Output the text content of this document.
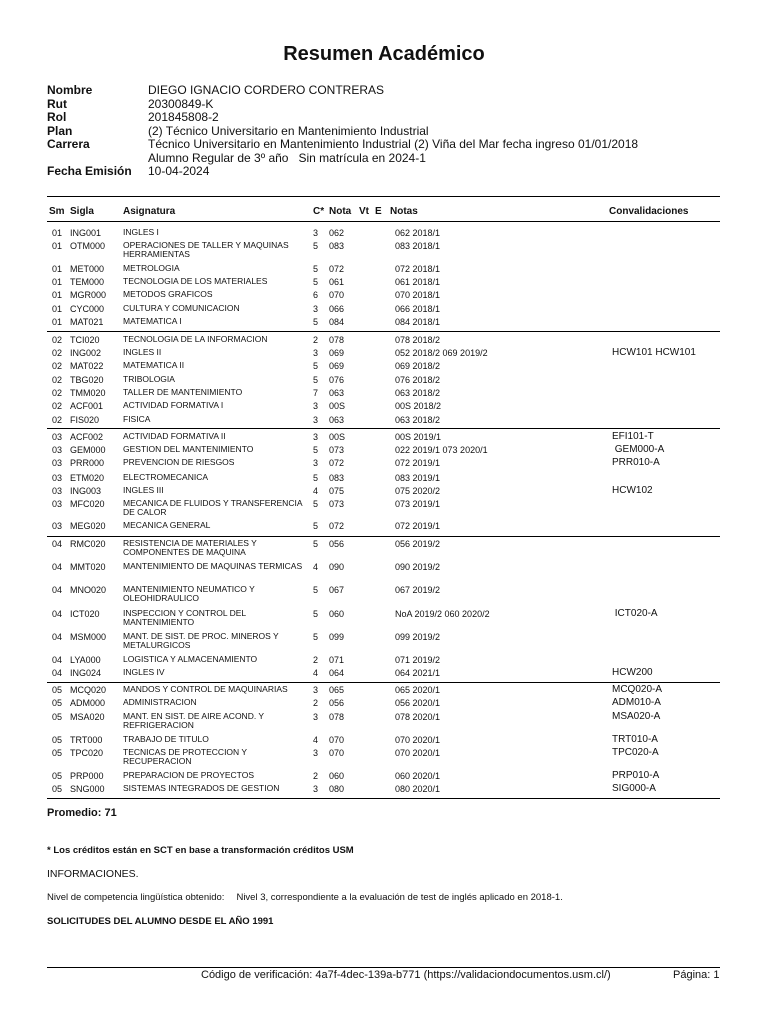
Resumen Académico
Nombre	DIEGO IGNACIO CORDERO CONTRERAS
Rut	20300849-K
Rol	201845808-2
Plan	(2) Técnico Universitario en Mantenimiento Industrial
Carrera	Técnico Universitario en Mantenimiento Industrial (2) Viña del Mar fecha ingreso 01/01/2018
Alumno Regular de 3º año   Sin matrícula en 2024-1
Fecha Emisión 10-04-2024
Sm Sigla	Asignatura	C* Nota Vt E Notas	Convalidaciones
01 ING001	INGLES I	3 062	062 2018/1
01 OTM000 OPERACIONES DE TALLER Y MAQUINAS HERRAMIENTAS
5 083	083 2018/1
01 MET000 METROLOGIA	5 072	072 2018/1
01 TEM000 TECNOLOGIA DE LOS MATERIALES	5 061	061 2018/1
01 MGR000 METODOS GRAFICOS	6 070	070 2018/1
01 CYC000 CULTURA Y COMUNICACION	3 066	066 2018/1
01 MAT021 MATEMATICA I	5 084	084 2018/1
02 TCI020	TECNOLOGIA DE LA INFORMACION	2 078	078 2018/2
02 ING002	INGLES II	3 069	052 2018/2 069 2019/2	HCW101 HCW101
02 MAT022 MATEMATICA II	5 069	069 2018/2
02 TBG020 TRIBOLOGIA	5 076	076 2018/2
02 TMM020 TALLER DE MANTENIMIENTO	7 063	063 2018/2
02 ACF001 ACTIVIDAD FORMATIVA I	3 00S	00S 2018/2
02 FIS020	FISICA	3 063	063 2018/2
03 ACF002 ACTIVIDAD FORMATIVA II	3 00S	00S 2019/1	EFI101-T
03 GEM000 GESTION DEL MANTENIMIENTO	5 073	022 2019/1 073 2020/1	GEM000-A
03 PRR000 PREVENCION DE RIESGOS	3 072	072 2019/1	PRR010-A
03 ETM020 ELECTROMECANICA	5 083	083 2019/1
03 ING003	INGLES III	4 075	075 2020/2	HCW102
03 MFC020 MECANICA DE FLUIDOS Y TRANSFERENCIA DE CALOR
5 073	073 2019/1
03 MEG020 MECANICA GENERAL	5 072	072 2019/1
04 RMC020 RESISTENCIA DE MATERIALES Y COMPONENTES DE MAQUINA
5 056	056 2019/2
04 MMT020 MANTENIMIENTO DE MAQUINAS TERMICAS	4 090	090 2019/2
04 MNO020 MANTENIMIENTO NEUMATICO Y OLEOHIDRAULICO
5 067	067 2019/2
04 ICT020	INSPECCION Y CONTROL DEL MANTENIMIENTO
5 060	NoA 2019/2 060 2020/2	ICT020-A
04 MSM000 MANT. DE SIST. DE PROC. MINEROS Y METALURGICOS
5 099	099 2019/2
04 LYA000	LOGISTICA Y ALMACENAMIENTO	2 071	071 2019/2
04 ING024	INGLES IV	4 064	064 2021/1	HCW200
05 MCQ020 MANDOS Y CONTROL DE MAQUINARIAS	3 065	065 2020/1	MCQ020-A
05 ADM000 ADMINISTRACION	2 056	056 2020/1	ADM010-A
05 MSA020 MANT. EN SIST. DE AIRE ACOND. Y REFRIGERACION
3 078	078 2020/1	MSA020-A
05 TRT000 TRABAJO DE TITULO	4 070	070 2020/1	TRT010-A
05 TPC020 TECNICAS DE PROTECCION Y RECUPERACION
3 070	070 2020/1	TPC020-A
05 PRP000 PREPARACION DE PROYECTOS	2 060	060 2020/1	PRP010-A
05 SNG000 SISTEMAS INTEGRADOS DE GESTION	3 080	080 2020/1	SIG000-A
Promedio: 71
* Los créditos están en SCT en base a transformación créditos USM
INFORMACIONES.
Nivel de competencia lingüística obtenido: Nivel 3, correspondiente a la evaluación de test de inglés aplicado en 2018-1.
SOLICITUDES DEL ALUMNO DESDE EL AÑO 1991
Código de verificación: 4a7f-4dec-139a-b771 (https://validaciondocumentos.usm.cl/)	Página: 1
